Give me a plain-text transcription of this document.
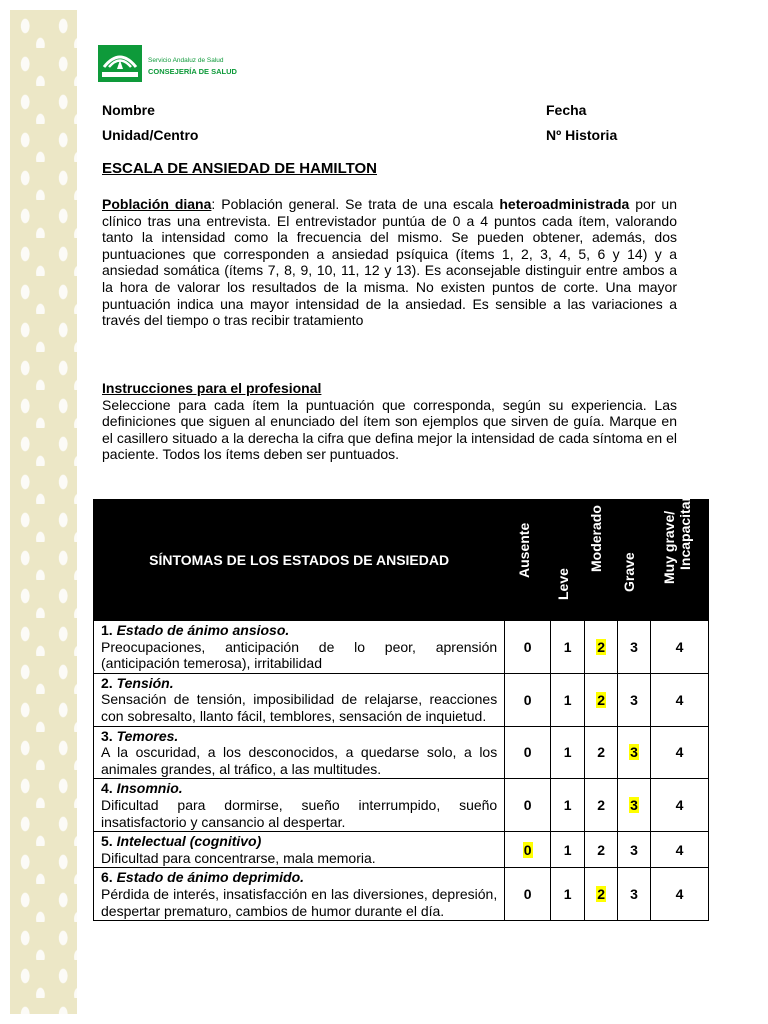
Servicio Andaluz de Salud
CONSEJERÍA DE SALUD
Nombre	Fecha
Unidad/Centro	Nº Historia
ESCALA DE ANSIEDAD DE HAMILTON
Población diana: Población general. Se trata de una escala heteroadministrada por un clínico tras una entrevista. El entrevistador puntúa de 0 a 4 puntos cada ítem, valorando tanto la intensidad como la frecuencia del mismo. Se pueden obtener, además, dos puntuaciones que corresponden a ansiedad psíquica (ítems 1, 2, 3, 4, 5, 6 y 14) y a ansiedad somática (ítems 7, 8, 9, 10, 11, 12 y 13). Es aconsejable distinguir entre ambos a la hora de valorar los resultados de la misma. No existen puntos de corte. Una mayor puntuación indica una mayor intensidad de la ansiedad. Es sensible a las variaciones a través del tiempo o tras recibir tratamiento
Instrucciones para el profesional
Seleccione para cada ítem la puntuación que corresponda, según su experiencia. Las definiciones que siguen al enunciado del ítem son ejemplos que sirven de guía. Marque en el casillero situado a la derecha la cifra que defina mejor la intensidad de cada síntoma en el paciente. Todos los ítems deben ser puntuados.
SÍNTOMAS DE LOS ESTADOS DE ANSIEDAD	Ausente	Leve	Moderado	Grave	Muy grave/ Incapacitante

1. Estado de ánimo ansioso.
Preocupaciones, anticipación de lo peor, aprensión (anticipación temerosa), irritabilidad	0	1	2	3	4

2. Tensión.
Sensación de tensión, imposibilidad de relajarse, reacciones con sobresalto, llanto fácil, temblores, sensación de inquietud.	0	1	2	3	4

3. Temores.
A la oscuridad, a los desconocidos, a quedarse solo, a los animales grandes, al tráfico, a las multitudes.	0	1	2	3	4

4. Insomnio.
Dificultad para dormirse, sueño interrumpido, sueño insatisfactorio y cansancio al despertar.	0	1	2	3	4

5. Intelectual (cognitivo)
Dificultad para concentrarse, mala memoria.	0	1	2	3	4

6. Estado de ánimo deprimido.
Pérdida de interés, insatisfacción en las diversiones, depresión, despertar prematuro, cambios de humor durante el día.	0	1	2	3	4
